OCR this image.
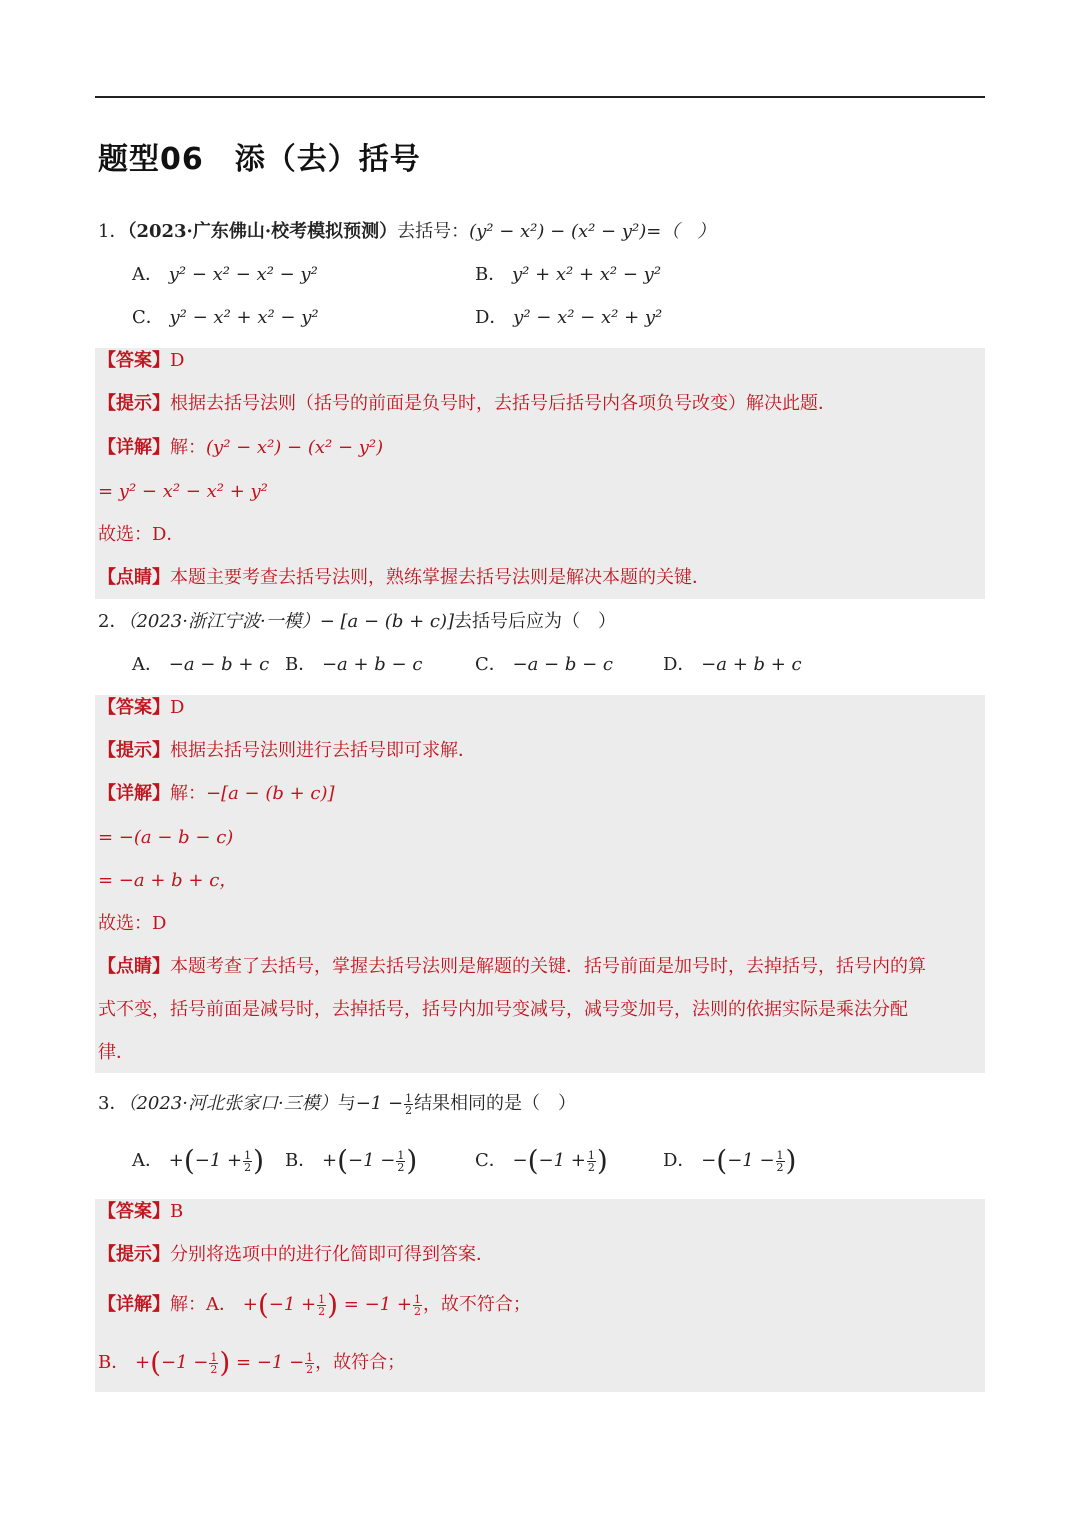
题型06　添（去）括号
1．（2023·广东佛山·校考模拟预测）去括号：(y² − x²) − (x² − y²)=（　）
A． y² − x² − x² − y²	B． y² + x² + x² − y²
C． y² − x² + x² − y²	D． y² − x² − x² + y²
【答案】D
【提示】根据去括号法则（括号的前面是负号时，去括号后括号内各项负号改变）解决此题．
【详解】解：(y² − x²) − (x² − y²)
= y² − x² − x² + y²
故选：D．
【点睛】本题主要考查去括号法则，熟练掌握去括号法则是解决本题的关键．
2．（2023·浙江宁波·一模）− [a − (b + c)]去括号后应为（　）
A． −a − b + c B． −a + b − c	C． −a − b − c	D． −a + b + c
【答案】D
【提示】根据去括号法则进行去括号即可求解．
【详解】解：−[a − (b + c)]
= −(a − b − c)
= −a + b + c，
故选：D
【点睛】本题考查了去括号，掌握去括号法则是解题的关键．括号前面是加号时，去掉括号，括号内的算
式不变，括号前面是减号时，去掉括号，括号内加号变减号，减号变加号，法则的依据实际是乘法分配
律．
3．（2023·河北张家口·三模）与$-1 - \frac{1}{2}$ 结果相同的是（　）
A． $+(-1 + \frac{1}{2}$ ) B． $+(-1 - \frac{1}{2}$ )	C． $-(-1 + \frac{1}{2}$ )	D． $-(-1 - \frac{1}{2}$ )
【答案】B
【提示】分别将选项中的进行化简即可得到答案．
【详解】解：A． $+(-1 + \frac{1}{2}$ ) = $-1 + \frac{1}{2}$ ，故不符合；
B． $+(-1 - \frac{1}{2}$ ) = $-1 - \frac{1}{2}$ ，故符合；
